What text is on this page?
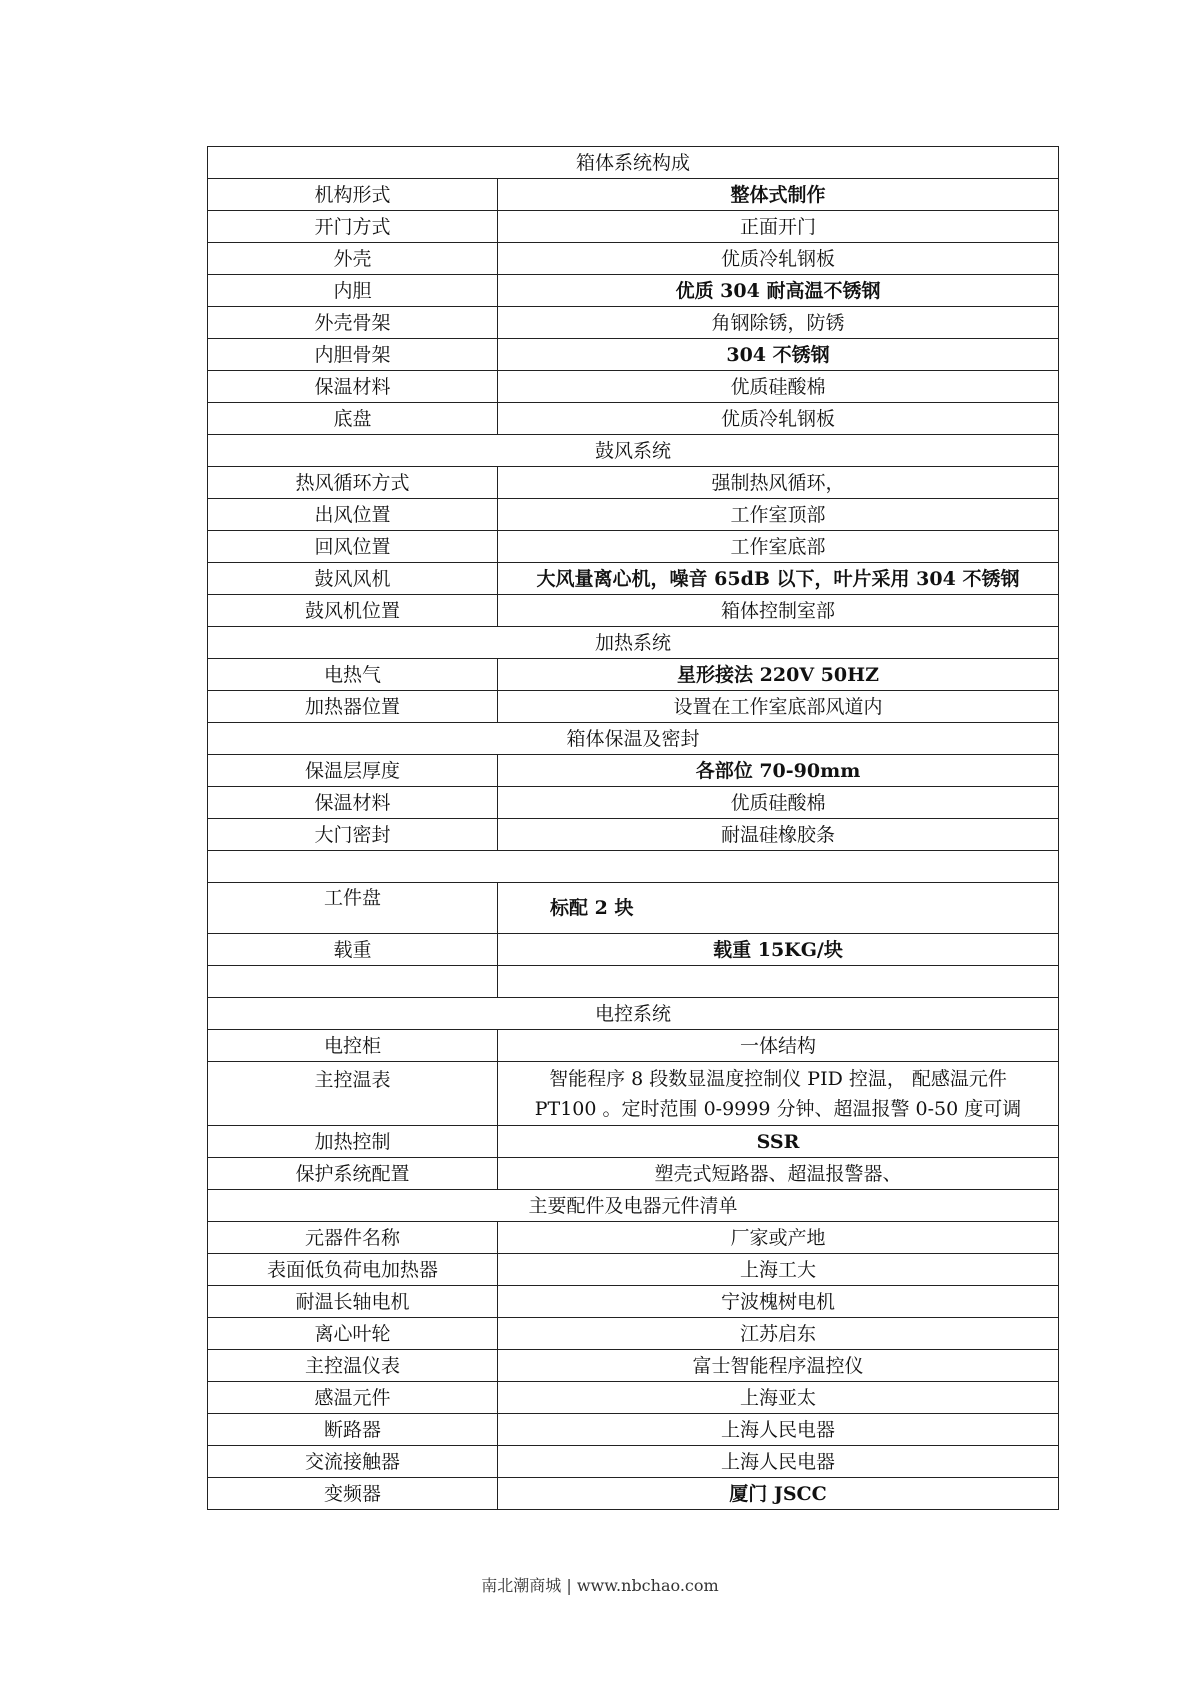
箱体系统构成	
机构形式	整体式制作
开门方式	正面开门
外壳	优质冷轧钢板
内胆	优质 304 耐高温不锈钢
外壳骨架	角钢除锈，防锈
内胆骨架	304 不锈钢
保温材料	优质硅酸棉
底盘	优质冷轧钢板
鼓风系统	
热风循环方式	强制热风循环，
出风位置	工作室顶部
回风位置	工作室底部
鼓风风机	大风量离心机，噪音 65dB 以下，叶片采用 304 不锈钢
鼓风机位置	箱体控制室部
加热系统	
电热气	星形接法 220V 50HZ
加热器位置	设置在工作室底部风道内
箱体保温及密封	
保温层厚度	各部位 70-90mm
保温材料	优质硅酸棉
大门密封	耐温硅橡胶条

工件盘	标配 2 块
载重	载重 15KG/块

电控系统	
电控柜	一体结构
主控温表	智能程序 8 段数显温度控制仪 PID 控温， 配感温元件
PT100 。定时范围 0-9999 分钟、超温报警 0-50 度可调

加热控制	SSR
保护系统配置	塑壳式短路器、超温报警器、
主要配件及电器元件清单	
元器件名称	厂家或产地
表面低负荷电加热器	上海工大
耐温长轴电机	宁波槐树电机
离心叶轮	江苏启东
主控温仪表	富士智能程序温控仪
感温元件	上海亚太
断路器	上海人民电器
交流接触器	上海人民电器
变频器	厦门 JSCC
南北潮商城 | www.nbchao.com
